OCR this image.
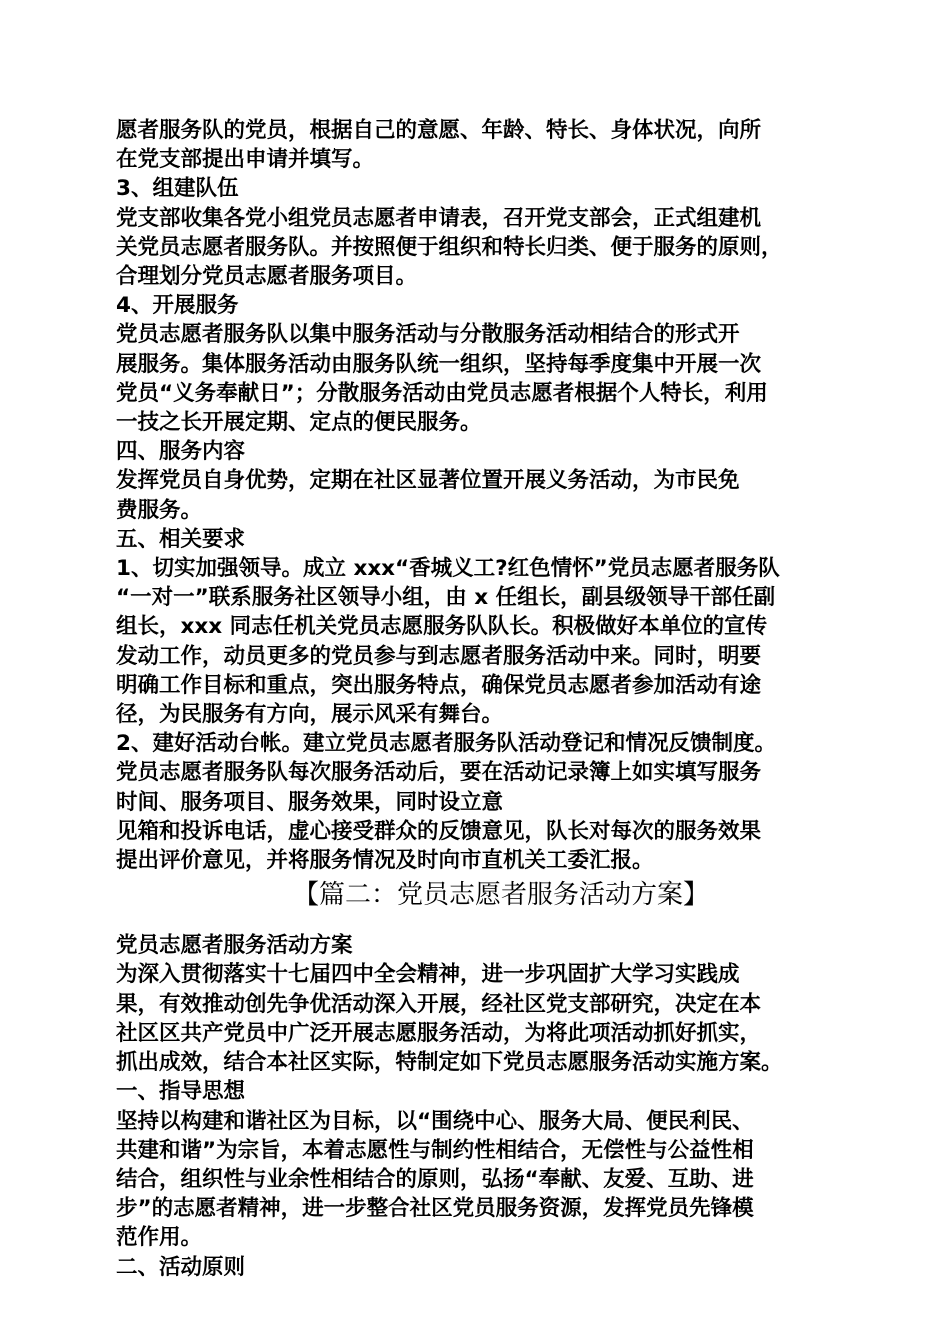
愿者服务队的党员，根据自己的意愿、年龄、特长、身体状况，向所
在党支部提出申请并填写。
3、组建队伍
党支部收集各党小组党员志愿者申请表，召开党支部会，正式组建机
关党员志愿者服务队。并按照便于组织和特长归类、便于服务的原则，
合理划分党员志愿者服务项目。
4、开展服务
党员志愿者服务队以集中服务活动与分散服务活动相结合的形式开
展服务。集体服务活动由服务队统一组织，坚持每季度集中开展一次
党员“义务奉献日”；分散服务活动由党员志愿者根据个人特长，利用
一技之长开展定期、定点的便民服务。
四、服务内容
发挥党员自身优势，定期在社区显著位置开展义务活动，为市民免
费服务。
五、相关要求
1、切实加强领导。成立 xxx“香城义工?红色情怀”党员志愿者服务队
“一对一”联系服务社区领导小组，由 x 任组长，副县级领导干部任副
组长，xxx 同志任机关党员志愿服务队队长。积极做好本单位的宣传
发动工作，动员更多的党员参与到志愿者服务活动中来。同时，明要
明确工作目标和重点，突出服务特点，确保党员志愿者参加活动有途
径，为民服务有方向，展示风采有舞台。
2、建好活动台帐。建立党员志愿者服务队活动登记和情况反馈制度。
党员志愿者服务队每次服务活动后，要在活动记录簿上如实填写服务
时间、服务项目、服务效果，同时设立意
见箱和投诉电话，虚心接受群众的反馈意见，队长对每次的服务效果
提出评价意见，并将服务情况及时向市直机关工委汇报。
【篇二：党员志愿者服务活动方案】
党员志愿者服务活动方案
为深入贯彻落实十七届四中全会精神，进一步巩固扩大学习实践成
果，有效推动创先争优活动深入开展，经社区党支部研究，决定在本
社区区共产党员中广泛开展志愿服务活动，为将此项活动抓好抓实，
抓出成效，结合本社区实际，特制定如下党员志愿服务活动实施方案。
一、指导思想
坚持以构建和谐社区为目标，以“围绕中心、服务大局、便民利民、
共建和谐”为宗旨，本着志愿性与制约性相结合，无偿性与公益性相
结合，组织性与业余性相结合的原则，弘扬“奉献、友爱、互助、进
步”的志愿者精神，进一步整合社区党员服务资源，发挥党员先锋模
范作用。
二、活动原则
